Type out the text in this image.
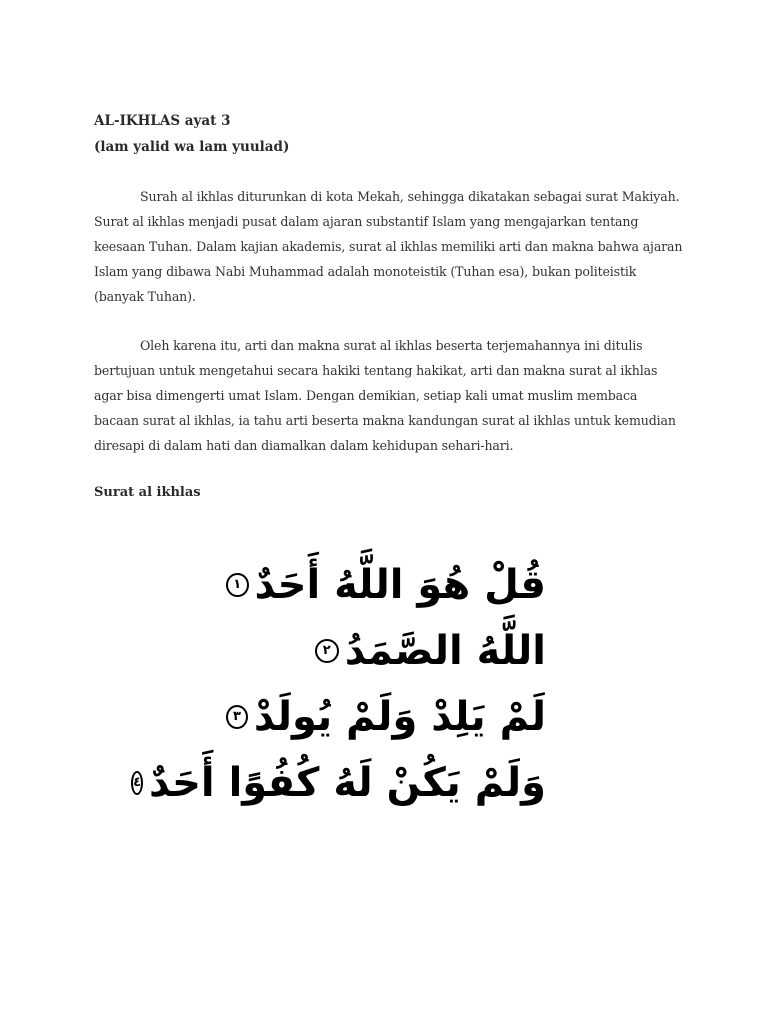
AL-IKHLAS ayat 3

(lam yalid wa lam yuulad)

Surah al ikhlas diturunkan di kota Mekah, sehingga dikatakan sebagai surat Makiyah. Surat al ikhlas menjadi pusat dalam ajaran substantif Islam yang mengajarkan tentang keesaan Tuhan. Dalam kajian akademis, surat al ikhlas memiliki arti dan makna bahwa ajaran Islam yang dibawa Nabi Muhammad adalah monoteistik (Tuhan esa), bukan politeistik (banyak Tuhan).

Oleh karena itu, arti dan makna surat al ikhlas beserta terjemahannya ini ditulis bertujuan untuk mengetahui secara hakiki tentang hakikat, arti dan makna surat al ikhlas agar bisa dimengerti umat Islam. Dengan demikian, setiap kali umat muslim membaca bacaan surat al ikhlas, ia tahu arti beserta makna kandungan surat al ikhlas untuk kemudian diresapi di dalam hati dan diamalkan dalam kehidupan sehari-hari.

Surat al ikhlas

قُلْ هُوَ اللَّهُ أَحَدٌ
١
اللَّهُ الصَّمَدُ
٢
لَمْ يَلِدْ وَلَمْ يُولَدْ
٣
وَلَمْ يَكُنْ لَهُ كُفُوًا أَحَدٌ
٤
